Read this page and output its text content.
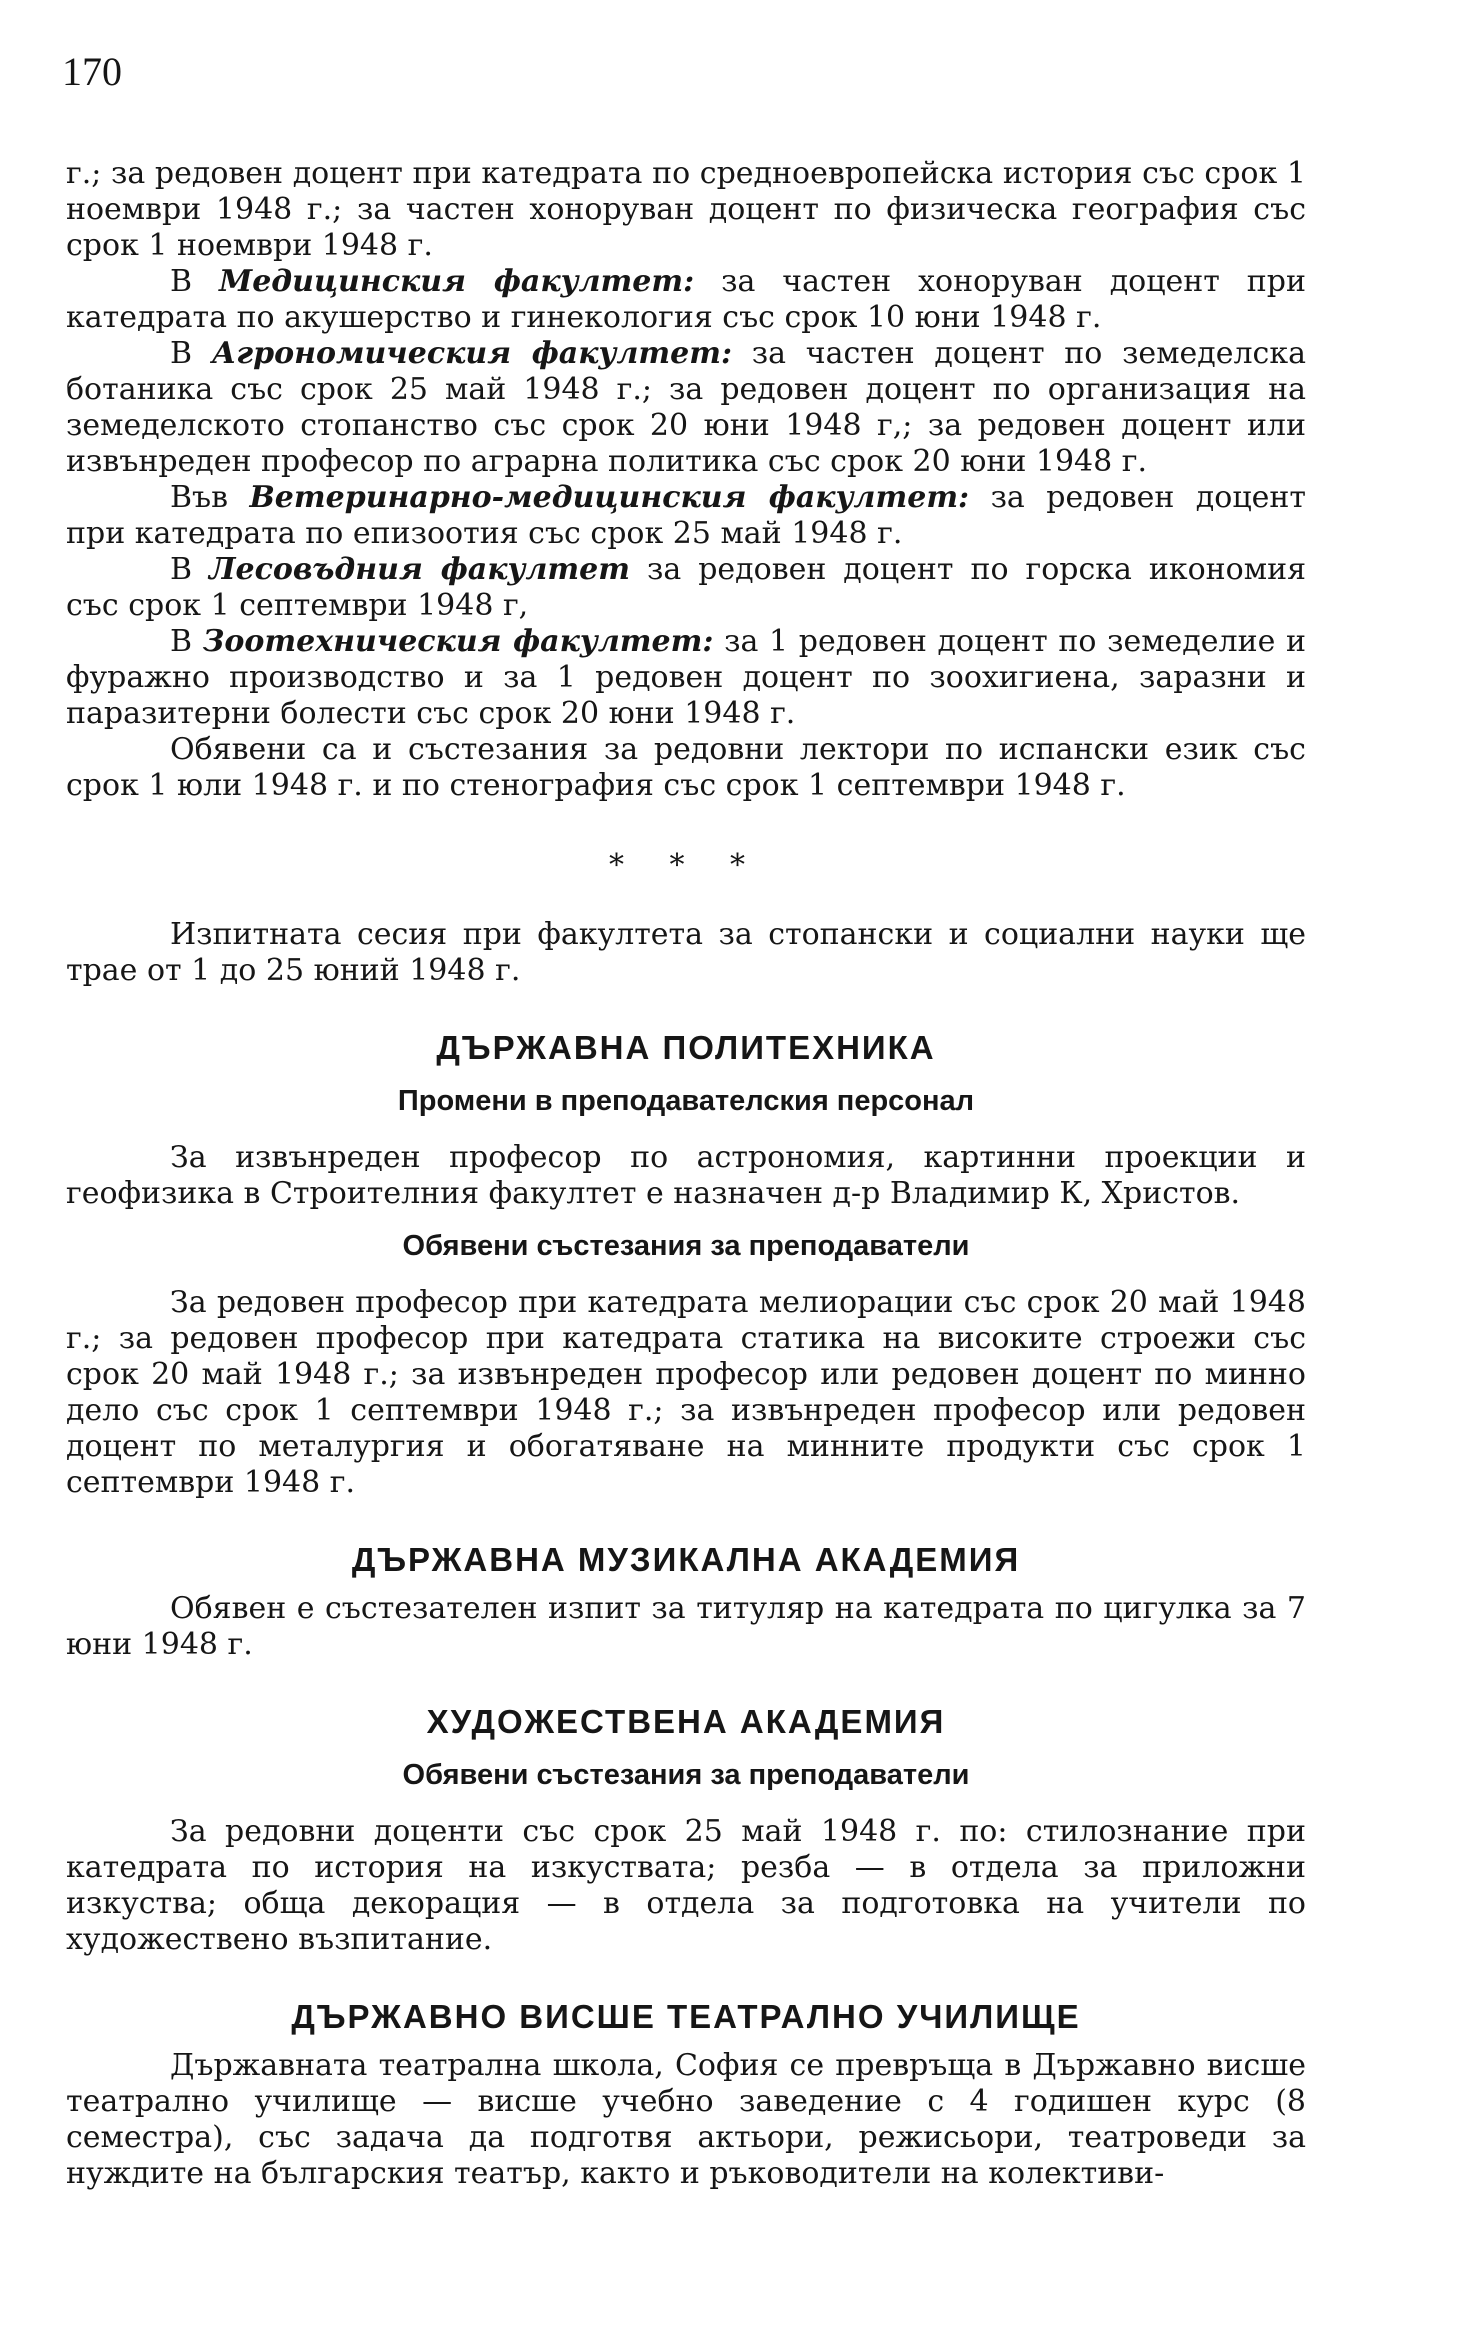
170

г.; за редовен доцент при катедрата по средноевропейска история със срок 1 ноември 1948 г.; за частен хоноруван доцент по физическа география със срок 1 ноември 1948 г.

В Медицинския факултет: за частен хоноруван доцент при катедрата по акушерство и гинекология със срок 10 юни 1948 г.

В Агрономическия факултет: за частен доцент по земеделска ботаника със срок 25 май 1948 г.; за редовен доцент по организация на земеделското стопанство със срок 20 юни 1948 г,; за редовен доцент или извънреден професор по аграрна политика със срок 20 юни 1948 г.

Във Ветеринарно-медицинския факултет: за редовен доцент при катедрата по епизоотия със срок 25 май 1948 г.

В Лесовъдния факултет за редовен доцент по горска икономия със срок 1 септември 1948 г,

В Зоотехническия факултет: за 1 редовен доцент по земеделие и фуражно производство и за 1 редовен доцент по зоохигиена, заразни и паразитерни болести със срок 20 юни 1948 г.

Обявени са и състезания за редовни лектори по испански език със срок 1 юли 1948 г. и по стенография със срок 1 септември 1948 г.

* * *

Изпитната сесия при факултета за стопански и социални науки ще трае от 1 до 25 юний 1948 г.

ДЪРЖАВНА ПОЛИТЕХНИКА
Промени в преподавателския персонал

За извънреден професор по астрономия, картинни проекции и геофизика в Строителния факултет е назначен д-р Владимир К, Христов.

Обявени състезания за преподаватели

За редовен професор при катедрата мелиорации със срок 20 май 1948 г.; за редовен професор при катедрата статика на високите строежи със срок 20 май 1948 г.; за извънреден професор или редовен доцент по минно дело със срок 1 септември 1948 г.; за извънреден професор или редовен доцент по металургия и обогатяване на минните продукти със срок 1 септември 1948 г.

ДЪРЖАВНА МУЗИКАЛНА АКАДЕМИЯ

Обявен е състезателен изпит за титуляр на катедрата по цигулка за 7 юни 1948 г.

ХУДОЖЕСТВЕНА АКАДЕМИЯ
Обявени състезания за преподаватели

За редовни доценти със срок 25 май 1948 г. по: стилознание при катедрата по история на изкуствата; резба — в отдела за приложни изкуства; обща декорация — в отдела за подготовка на учители по художествено възпитание.

ДЪРЖАВНО ВИСШЕ ТЕАТРАЛНО УЧИЛИЩЕ

Държавната театрална школа, София се превръща в Държавно висше театрално училище — висше учебно заведение с 4 годишен курс (8 семестра), със задача да подготвя актьори, режисьори, театроведи за нуждите на българския театър, както и ръководители на колективи-
